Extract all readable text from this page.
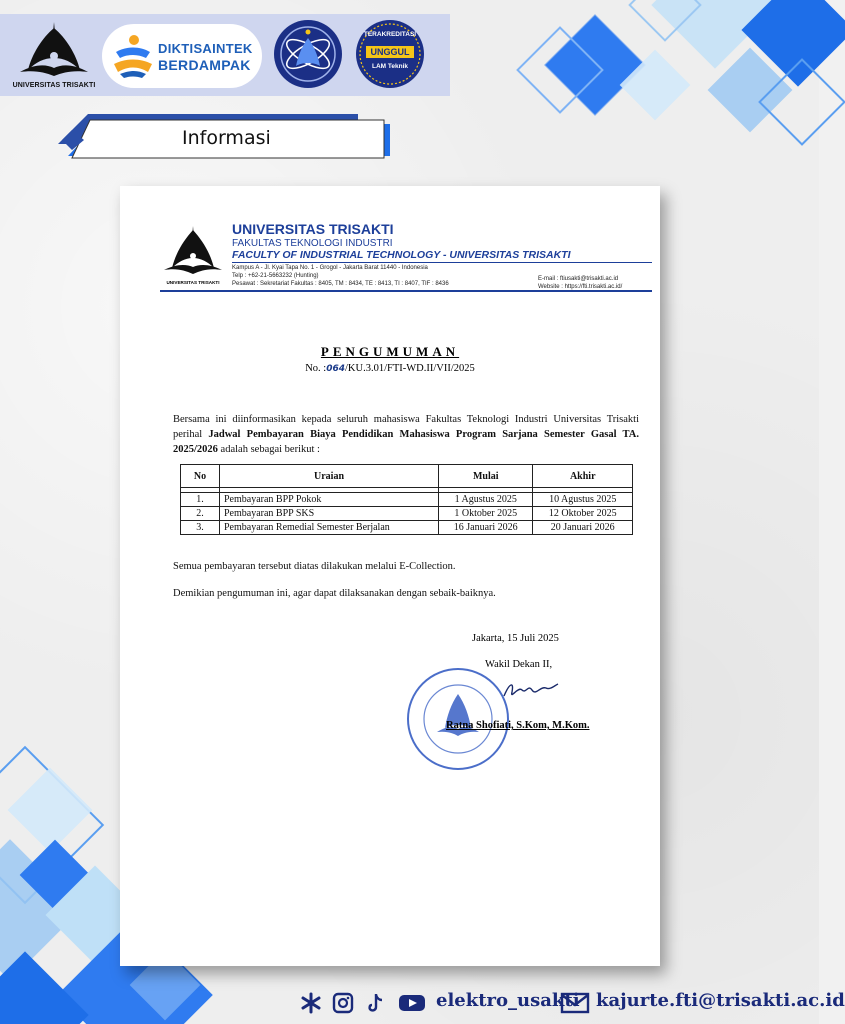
UNIVERSITAS TRISAKTI
DIKTISAINTEK
BERDAMPAK
TERAKREDITASI
UNGGUL
LAM Teknik
Informasi
UNIVERSITAS TRISAKTI
UNIVERSITAS TRISAKTI
FAKULTAS TEKNOLOGI INDUSTRI
FACULTY OF INDUSTRIAL TECHNOLOGY - UNIVERSITAS TRISAKTI
Kampus A - Jl. Kyai Tapa No. 1 - Grogol - Jakarta Barat 11440 - Indonesia
Telp : +62-21-5663232 (Hunting)
Pesawat : Sekretariat Fakultas : 8405, TM : 8434, TE : 8413, TI : 8407, TIF : 8436
E-mail : ftiusakti@trisakti.ac.id
Website : https://fti.trisakti.ac.id/
PENGUMUMAN
No. :064/KU.3.01/FTI-WD.II/VII/2025
Bersama ini diinformasikan kepada seluruh mahasiswa Fakultas Teknologi Industri Universitas Trisakti perihal Jadwal Pembayaran Biaya Pendidikan Mahasiswa Program Sarjana Semester Gasal TA. 2025/2026 adalah sebagai berikut :
No	Uraian	Mulai	Akhir

1.	Pembayaran BPP Pokok	1 Agustus 2025	10 Agustus 2025
2.	Pembayaran BPP SKS	1 Oktober 2025	12 Oktober 2025
3.	Pembayaran Remedial Semester Berjalan	16 Januari 2026	20 Januari 2026
Semua pembayaran tersebut diatas dilakukan melalui E-Collection.
Demikian pengumuman ini, agar dapat dilaksanakan dengan sebaik-baiknya.
Jakarta, 15 Juli 2025
Wakil Dekan II,
Ratna Shofiati, S.Kom, M.Kom.
elektro_usakti kajurte.fti@trisakti.ac.id
